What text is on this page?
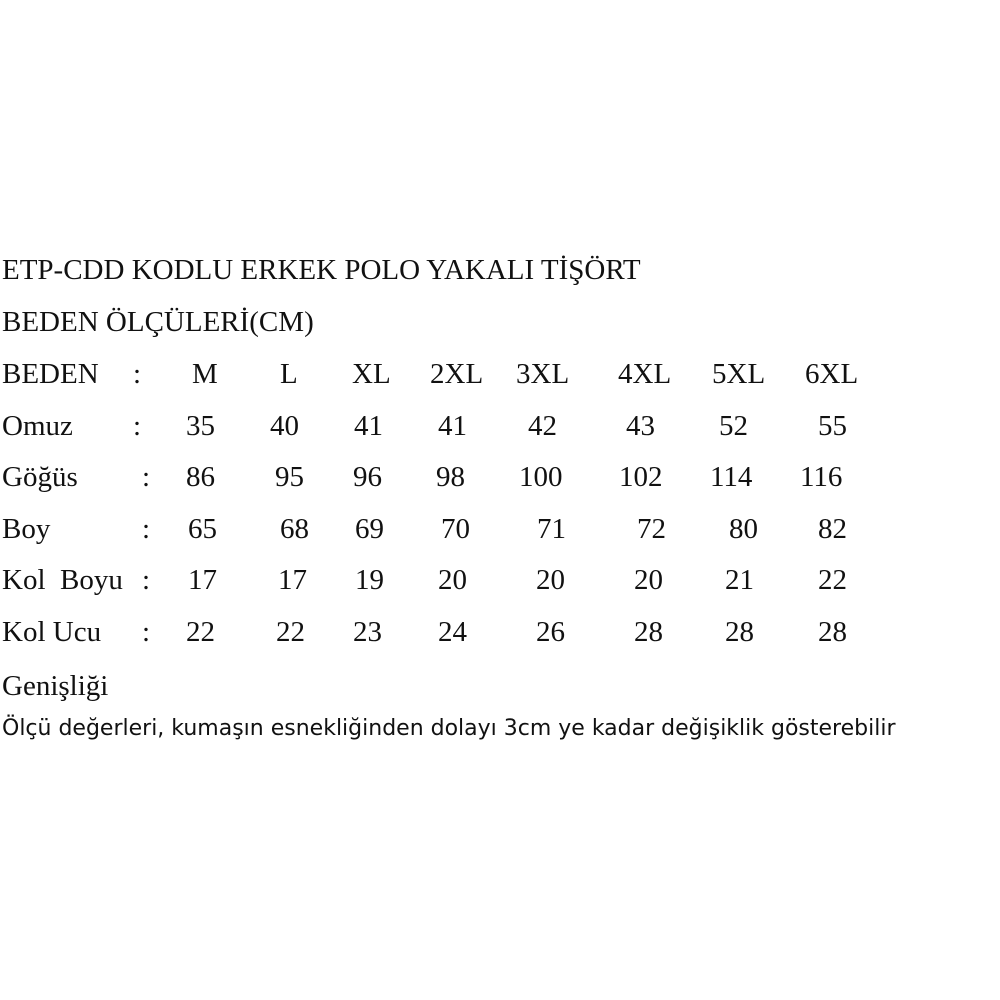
ETP-CDD KODLU ERKEK POLO YAKALI TİŞÖRT
BEDEN ÖLÇÜLERİ(CM)
BEDEN : M L XL 2XL 3XL 4XL 5XL 6XL
Omuz : 35 40 41 41 42 43 52 55
Göğüs : 86 95 96 98 100 102 114 116
Boy	: 65 68 69 70 71 72 80 82
Kol  Boyu : 17 17 19 20 20 20 21 22
Kol Ucu : 22 22 23 24 26 28 28 28
Genişliği
Ölçü değerleri, kumaşın esnekliğinden dolayı 3cm ye kadar değişiklik gösterebilir
